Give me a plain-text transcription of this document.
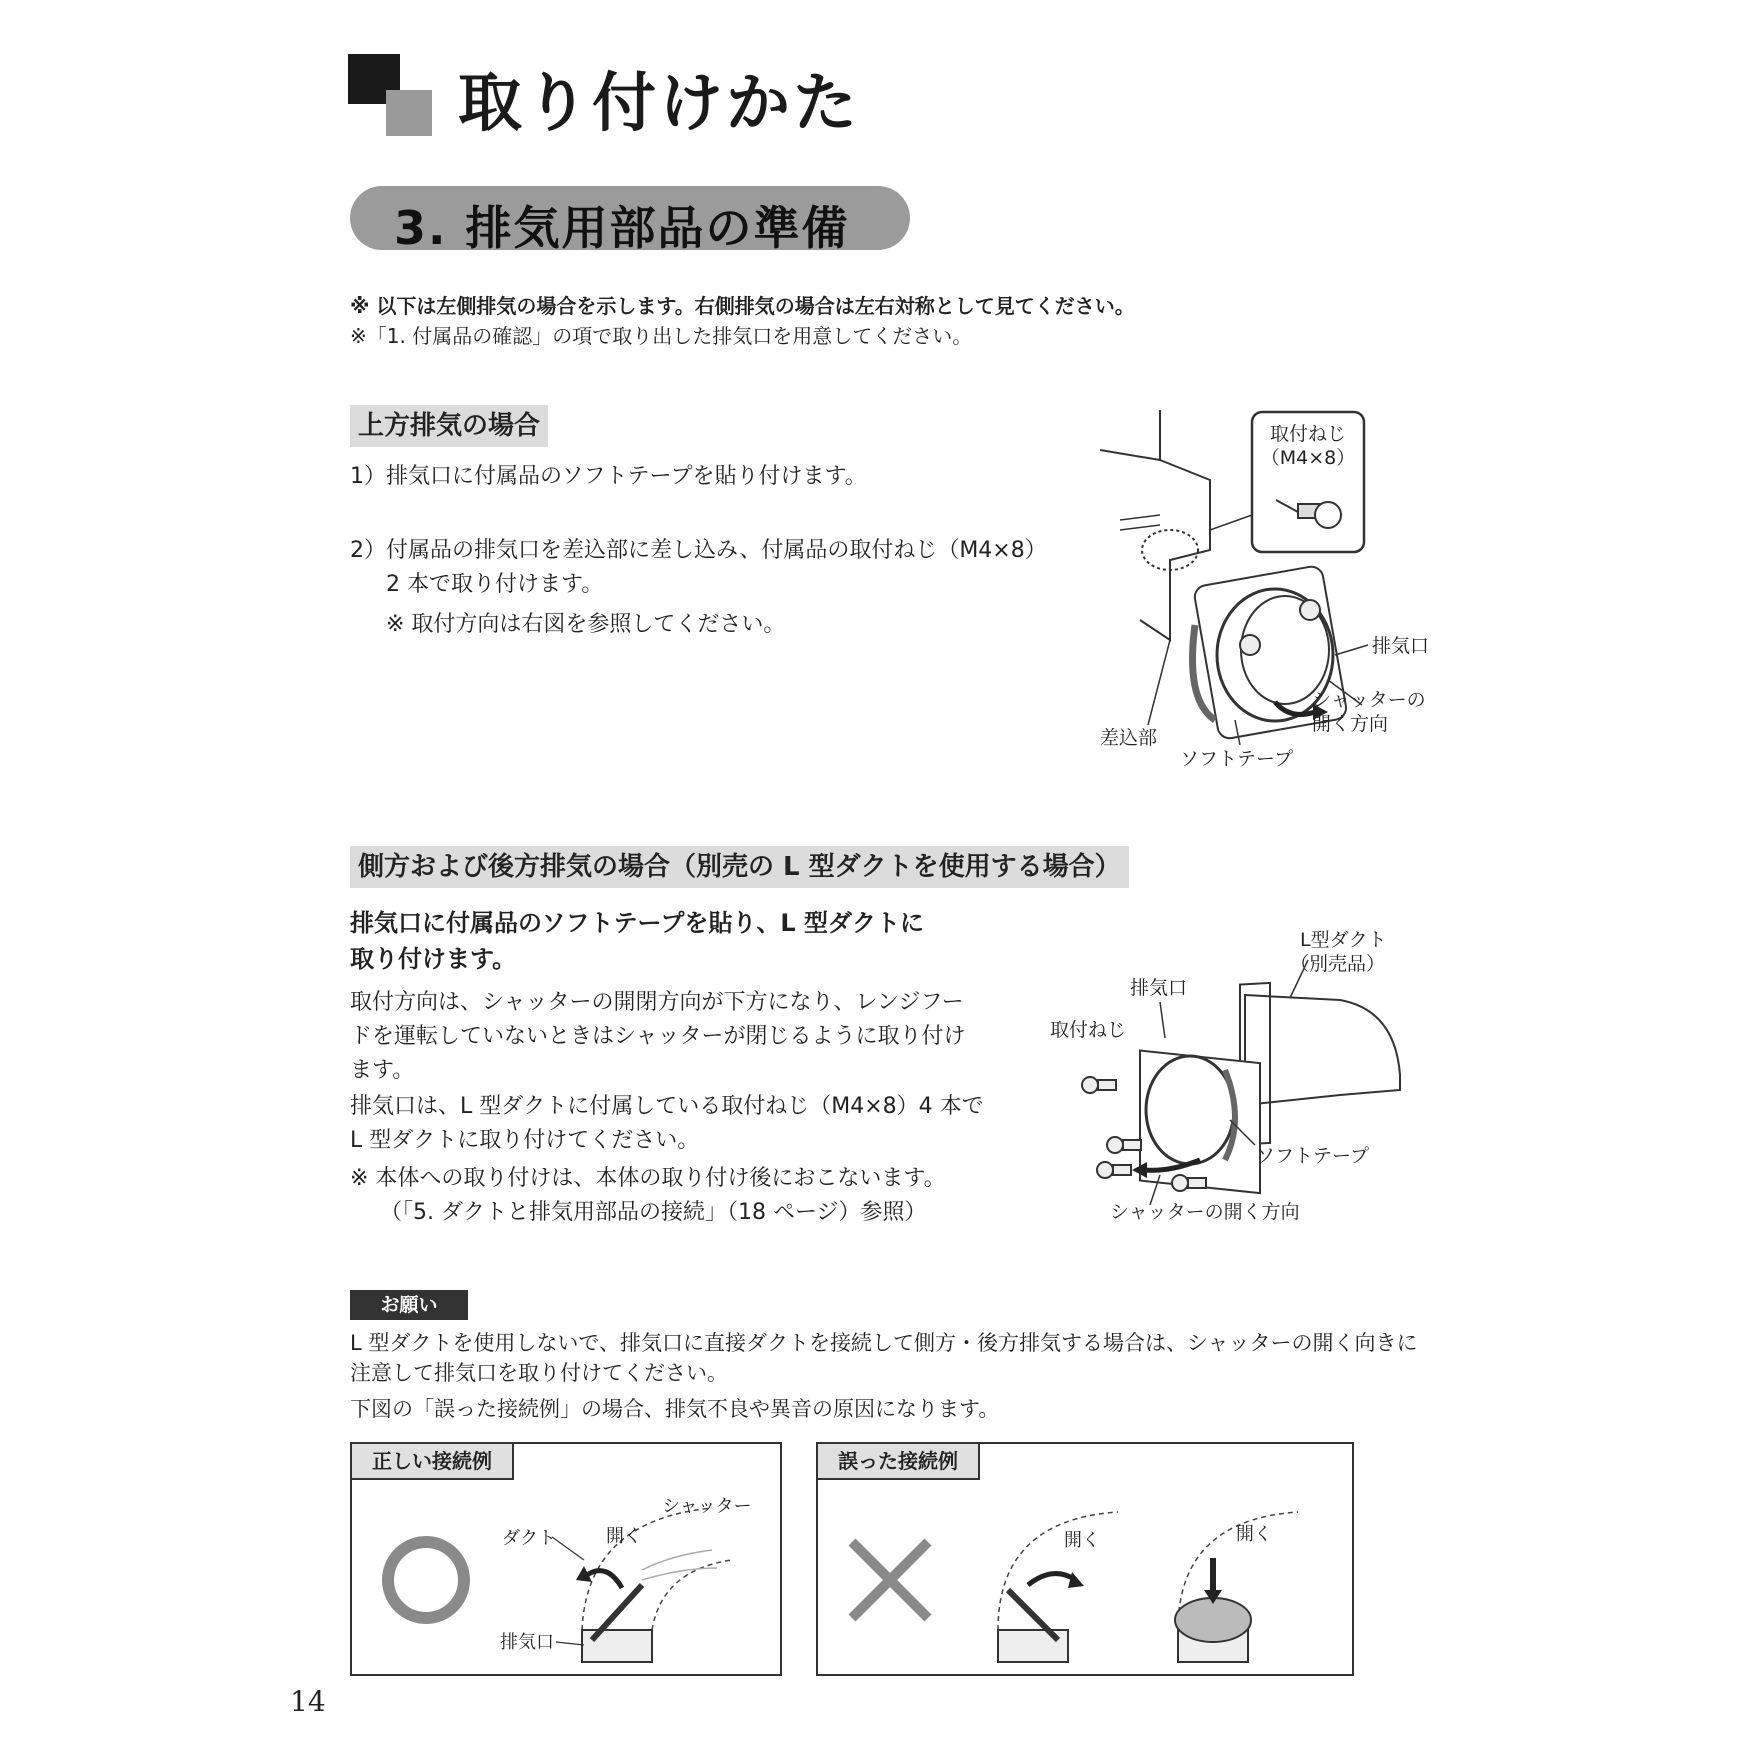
取り付けかた
3. 排気用部品の準備
※ 以下は左側排気の場合を示します。右側排気の場合は左右対称として見てください。
※「1. 付属品の確認」の項で取り出した排気口を用意してください。
上方排気の場合
1）排気口に付属品のソフトテープを貼り付けます。
2）付属品の排気口を差込部に差し込み、付属品の取付ねじ（M4×8）
2 本で取り付けます。
※ 取付方向は右図を参照してください。
取付ねじ
（M4×8）
排気口
シャッターの
開く方向
差込部
ソフトテープ
側方および後方排気の場合（別売の L 型ダクトを使用する場合）
排気口に付属品のソフトテープを貼り、L 型ダクトに
取り付けます。
取付方向は、シャッターの開閉方向が下方になり、レンジフー
ドを運転していないときはシャッターが閉じるように取り付け
ます。
排気口は、L 型ダクトに付属している取付ねじ（M4×8）4 本で
L 型ダクトに取り付けてください。
※ 本体への取り付けは、本体の取り付け後におこないます。
（「5. ダクトと排気用部品の接続」（18 ページ）参照）
L型ダクト
（別売品）
排気口
取付ねじ
ソフトテープ
シャッターの開く方向
お願い
L 型ダクトを使用しないで、排気口に直接ダクトを接続して側方・後方排気する場合は、シャッターの開く向きに
注意して排気口を取り付けてください。
下図の「誤った接続例」の場合、排気不良や異音の原因になります。
正しい接続例
シャッター
ダクト	開く
排気口
誤った接続例
開く	開く
14
